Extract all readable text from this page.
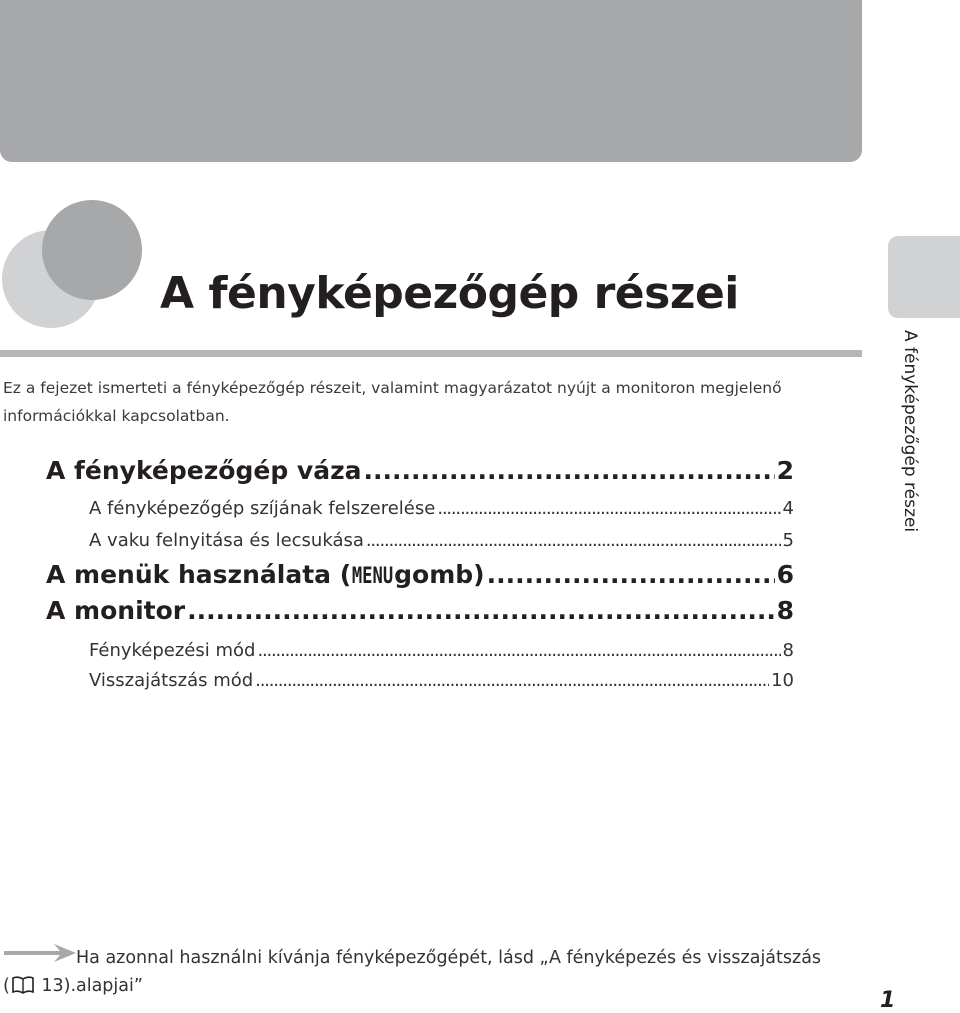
A fényképezőgép részei
Ez a fejezet ismerteti a fényképezőgép részeit, valamint magyarázatot nyújt a monitoron megjelenő információkkal kapcsolatban.
A fényképezőgép váza .....	2
A fényképezőgép szíjának felszerelése .....	4
A vaku felnyitása és lecsukása .....	5
A menük használata ( MENU gomb) .....	6
A monitor .....	8
Fényképezési mód .....	8
Visszajátszás mód .....	10
A fényképezőgép részei
Ha azonnal használni kívánja fényképezőgépét, lásd „A fényképezés és visszajátszás alapjai”
( 13).
1
